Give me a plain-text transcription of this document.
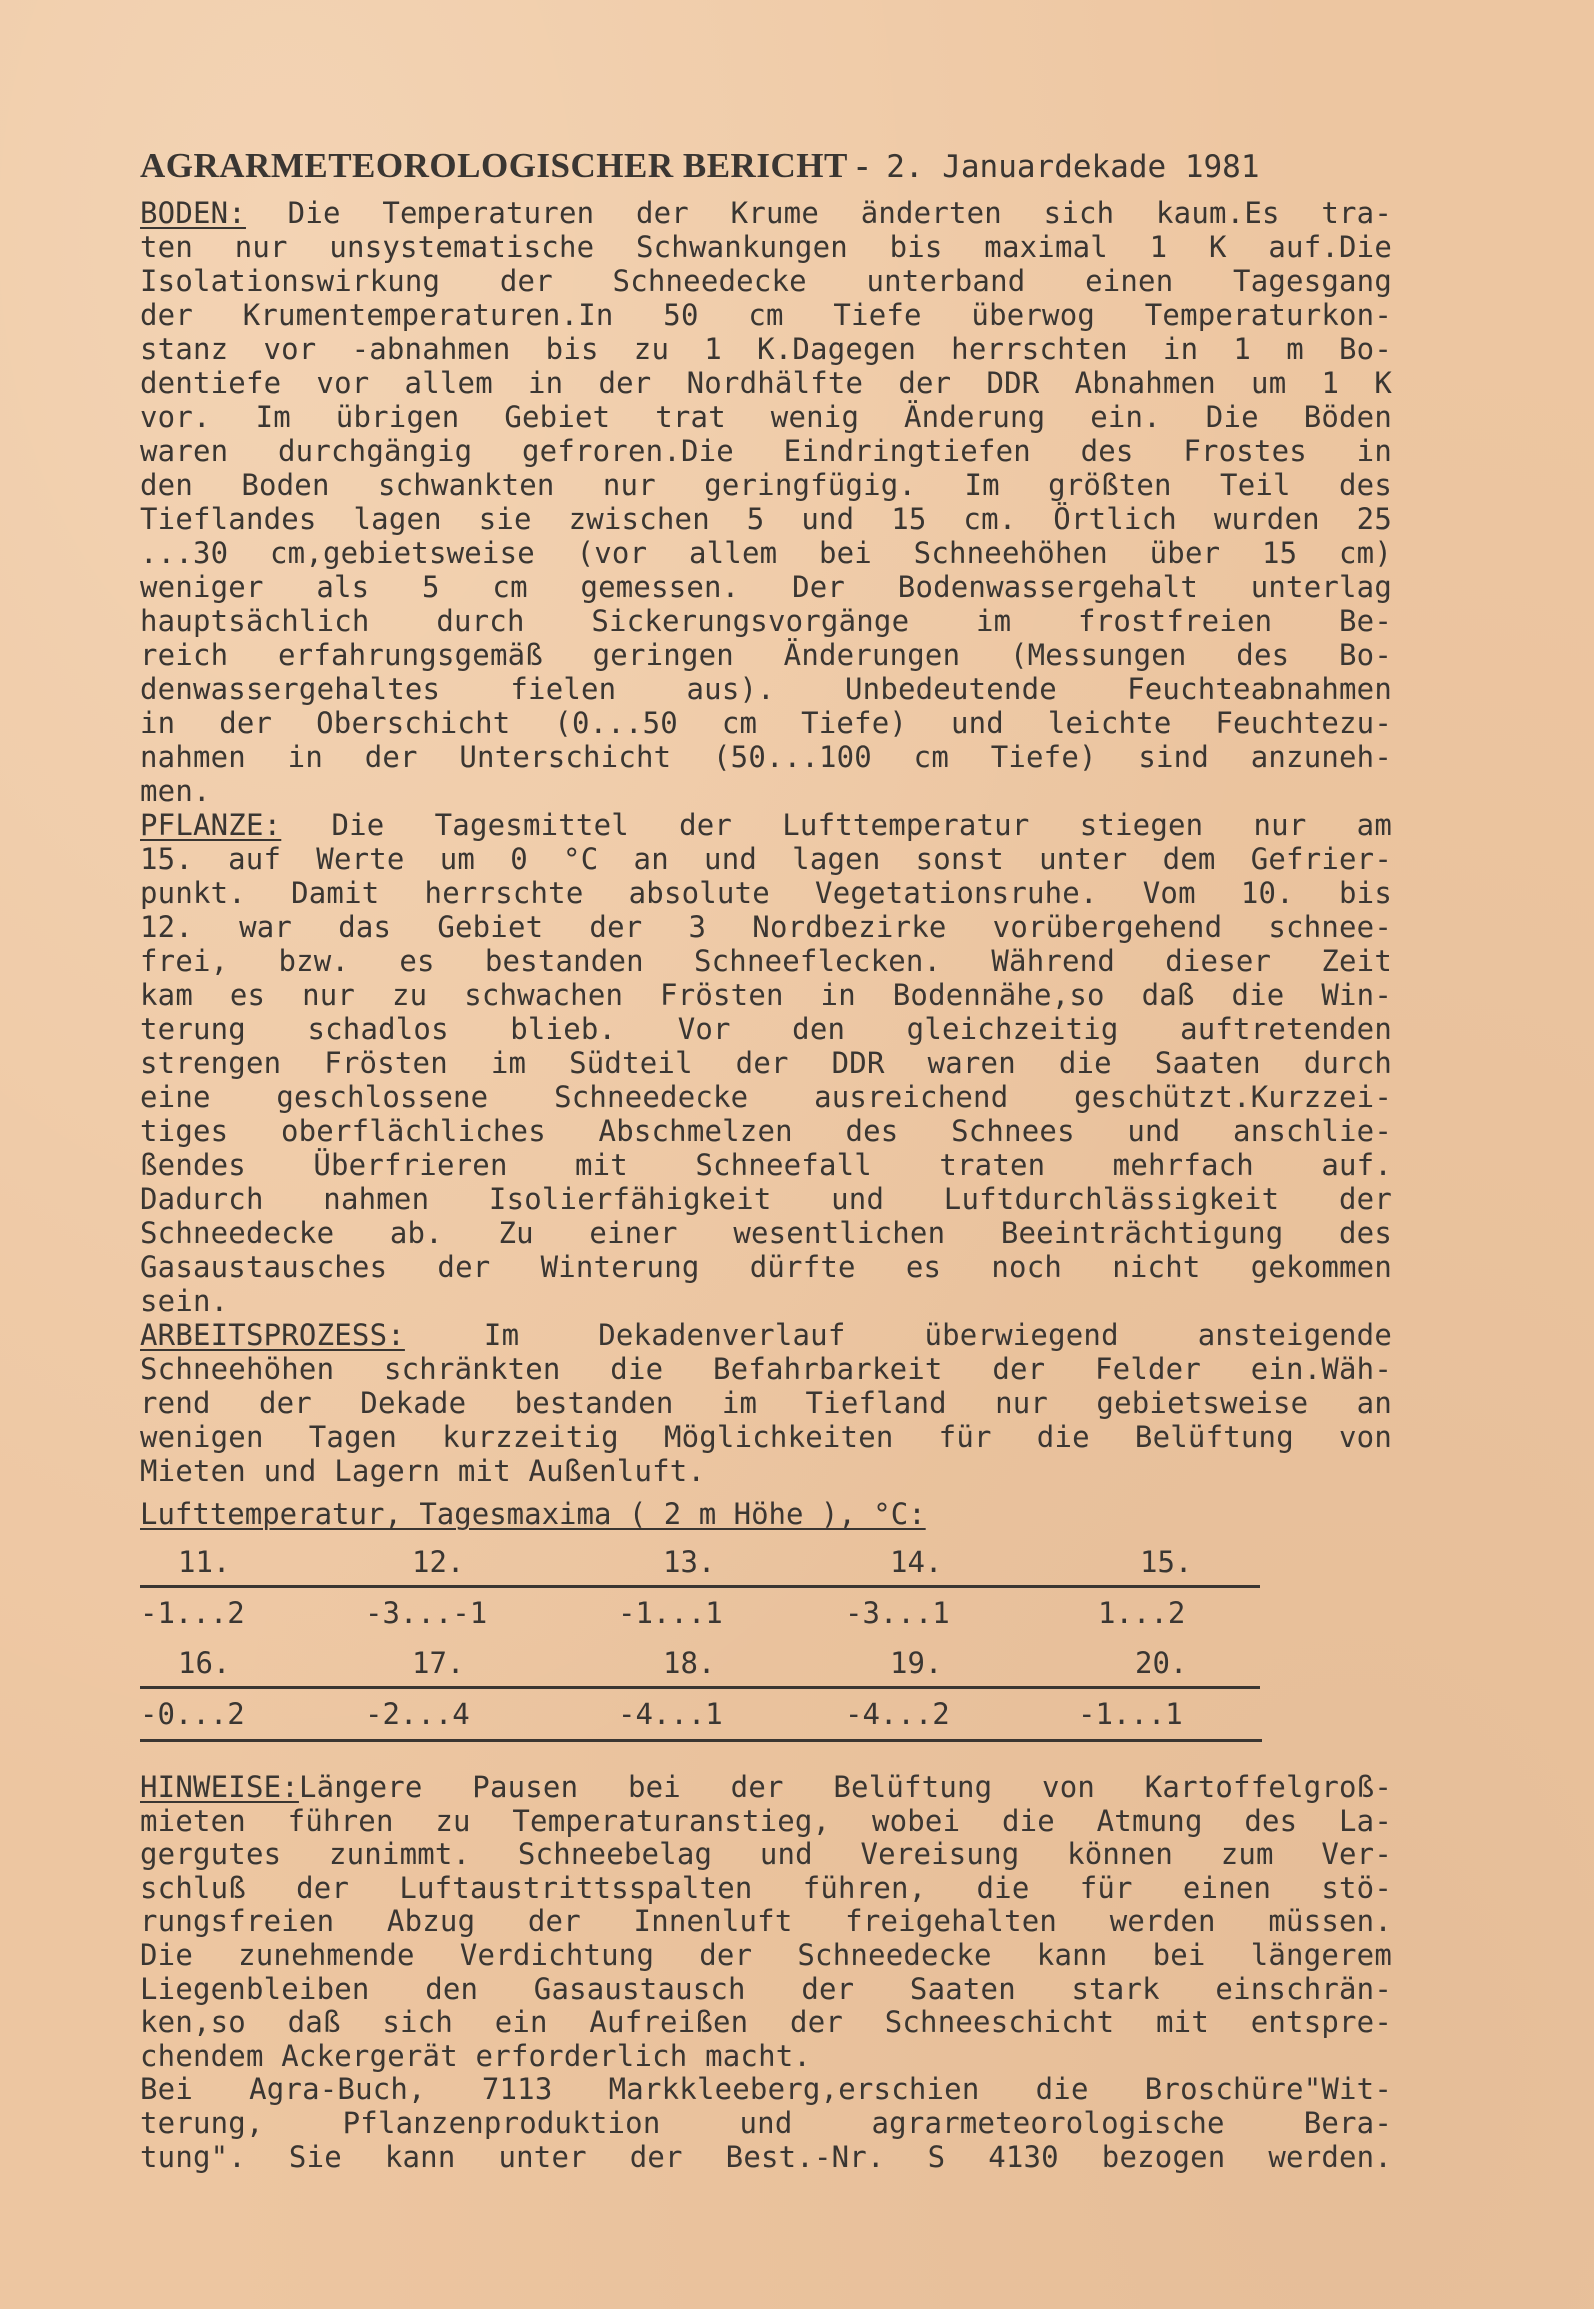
AGRARMETEOROLOGISCHER BERICHT - 2. Januardekade 1981
BODEN: Die Temperaturen der Krume änderten sich kaum.Es tra-
ten nur unsystematische Schwankungen bis maximal 1 K auf.Die
Isolationswirkung der Schneedecke unterband einen Tagesgang
der Krumentemperaturen.In 50 cm Tiefe überwog Temperaturkon-
stanz vor -abnahmen bis zu 1 K.Dagegen herrschten in 1 m Bo-
dentiefe vor allem in der Nordhälfte der DDR Abnahmen um 1 K
vor. Im übrigen Gebiet trat wenig Änderung ein. Die Böden
waren durchgängig gefroren.Die Eindringtiefen des Frostes in
den Boden schwankten nur geringfügig. Im größten Teil des
Tieflandes lagen sie zwischen 5 und 15 cm. Örtlich wurden 25
...30 cm,gebietsweise (vor allem bei Schneehöhen über 15 cm)
weniger als 5 cm gemessen. Der Bodenwassergehalt unterlag
hauptsächlich durch Sickerungsvorgänge im frostfreien Be-
reich erfahrungsgemäß geringen Änderungen (Messungen des Bo-
denwassergehaltes fielen aus). Unbedeutende Feuchteabnahmen
in der Oberschicht (0...50 cm Tiefe) und leichte Feuchtezu-
nahmen in der Unterschicht (50...100 cm Tiefe) sind anzuneh-
men.
PFLANZE: Die Tagesmittel der Lufttemperatur stiegen nur am
15. auf Werte um 0 °C an und lagen sonst unter dem Gefrier-
punkt. Damit herrschte absolute Vegetationsruhe. Vom 10. bis
12. war das Gebiet der 3 Nordbezirke vorübergehend schnee-
frei, bzw. es bestanden Schneeflecken. Während dieser Zeit
kam es nur zu schwachen Frösten in Bodennähe,so daß die Win-
terung schadlos blieb. Vor den gleichzeitig auftretenden
strengen Frösten im Südteil der DDR waren die Saaten durch
eine geschlossene Schneedecke ausreichend geschützt.Kurzzei-
tiges oberflächliches Abschmelzen des Schnees und anschlie-
ßendes Überfrieren mit Schneefall traten mehrfach auf.
Dadurch nahmen Isolierfähigkeit und Luftdurchlässigkeit der
Schneedecke ab. Zu einer wesentlichen Beeinträchtigung des
Gasaustausches der Winterung dürfte es noch nicht gekommen
sein.
ARBEITSPROZESS: Im Dekadenverlauf überwiegend ansteigende
Schneehöhen schränkten die Befahrbarkeit der Felder ein.Wäh-
rend der Dekade bestanden im Tiefland nur gebietsweise an
wenigen Tagen kurzzeitig Möglichkeiten für die Belüftung von
Mieten und Lagern mit Außenluft.
Lufttemperatur, Tagesmaxima ( 2 m Höhe ), °C:
11.	12.	13.	14.	15.
-1...2	-3...-1	-1...1	-3...1	1...2
16.	17.	18.	19.	20.
-0...2	-2...4	-4...1	-4...2	-1...1
HINWEISE:Längere Pausen bei der Belüftung von Kartoffelgroß-
mieten führen zu Temperaturanstieg, wobei die Atmung des La-
gergutes zunimmt. Schneebelag und Vereisung können zum Ver-
schluß der Luftaustrittsspalten führen, die für einen stö-
rungsfreien Abzug der Innenluft freigehalten werden müssen.
Die zunehmende Verdichtung der Schneedecke kann bei längerem
Liegenbleiben den Gasaustausch der Saaten stark einschrän-
ken,so daß sich ein Aufreißen der Schneeschicht mit entspre-
chendem Ackergerät erforderlich macht.
Bei Agra-Buch, 7113 Markkleeberg,erschien die Broschüre"Wit-
terung, Pflanzenproduktion und agrarmeteorologische Bera-
tung". Sie kann unter der Best.-Nr. S 4130 bezogen werden.
